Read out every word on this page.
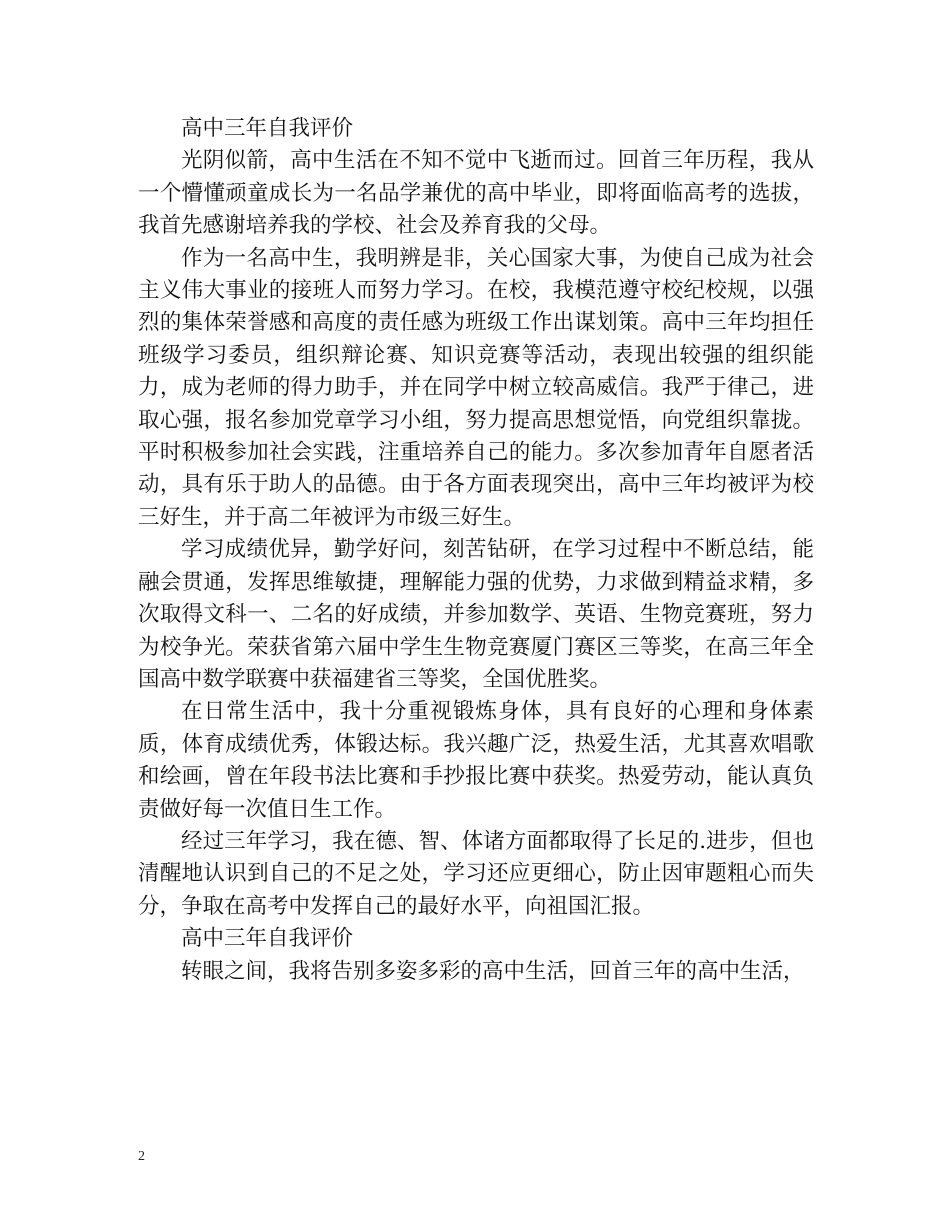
高中三年自我评价

光阴似箭，高中生活在不知不觉中飞逝而过。回首三年历程，我从一个懵懂顽童成长为一名品学兼优的高中毕业，即将面临高考的选拔，我首先感谢培养我的学校、社会及养育我的父母。

作为一名高中生，我明辨是非，关心国家大事，为使自己成为社会主义伟大事业的接班人而努力学习。在校，我模范遵守校纪校规，以强烈的集体荣誉感和高度的责任感为班级工作出谋划策。高中三年均担任班级学习委员，组织辩论赛、知识竞赛等活动，表现出较强的组织能力，成为老师的得力助手，并在同学中树立较高威信。我严于律己，进取心强，报名参加党章学习小组，努力提高思想觉悟，向党组织靠拢。平时积极参加社会实践，注重培养自己的能力。多次参加青年自愿者活动，具有乐于助人的品德。由于各方面表现突出，高中三年均被评为校三好生，并于高二年被评为市级三好生。

学习成绩优异，勤学好问，刻苦钻研，在学习过程中不断总结，能融会贯通，发挥思维敏捷，理解能力强的优势，力求做到精益求精，多次取得文科一、二名的好成绩，并参加数学、英语、生物竞赛班，努力为校争光。荣获省第六届中学生生物竞赛厦门赛区三等奖，在高三年全国高中数学联赛中获福建省三等奖，全国优胜奖。

在日常生活中，我十分重视锻炼身体，具有良好的心理和身体素质，体育成绩优秀，体锻达标。我兴趣广泛，热爱生活，尤其喜欢唱歌和绘画，曾在年段书法比赛和手抄报比赛中获奖。热爱劳动，能认真负责做好每一次值日生工作。

经过三年学习，我在德、智、体诸方面都取得了长足的.进步，但也清醒地认识到自己的不足之处，学习还应更细心，防止因审题粗心而失分，争取在高考中发挥自己的最好水平，向祖国汇报。

高中三年自我评价

转眼之间，我将告别多姿多彩的高中生活，回首三年的高中生活，

2
